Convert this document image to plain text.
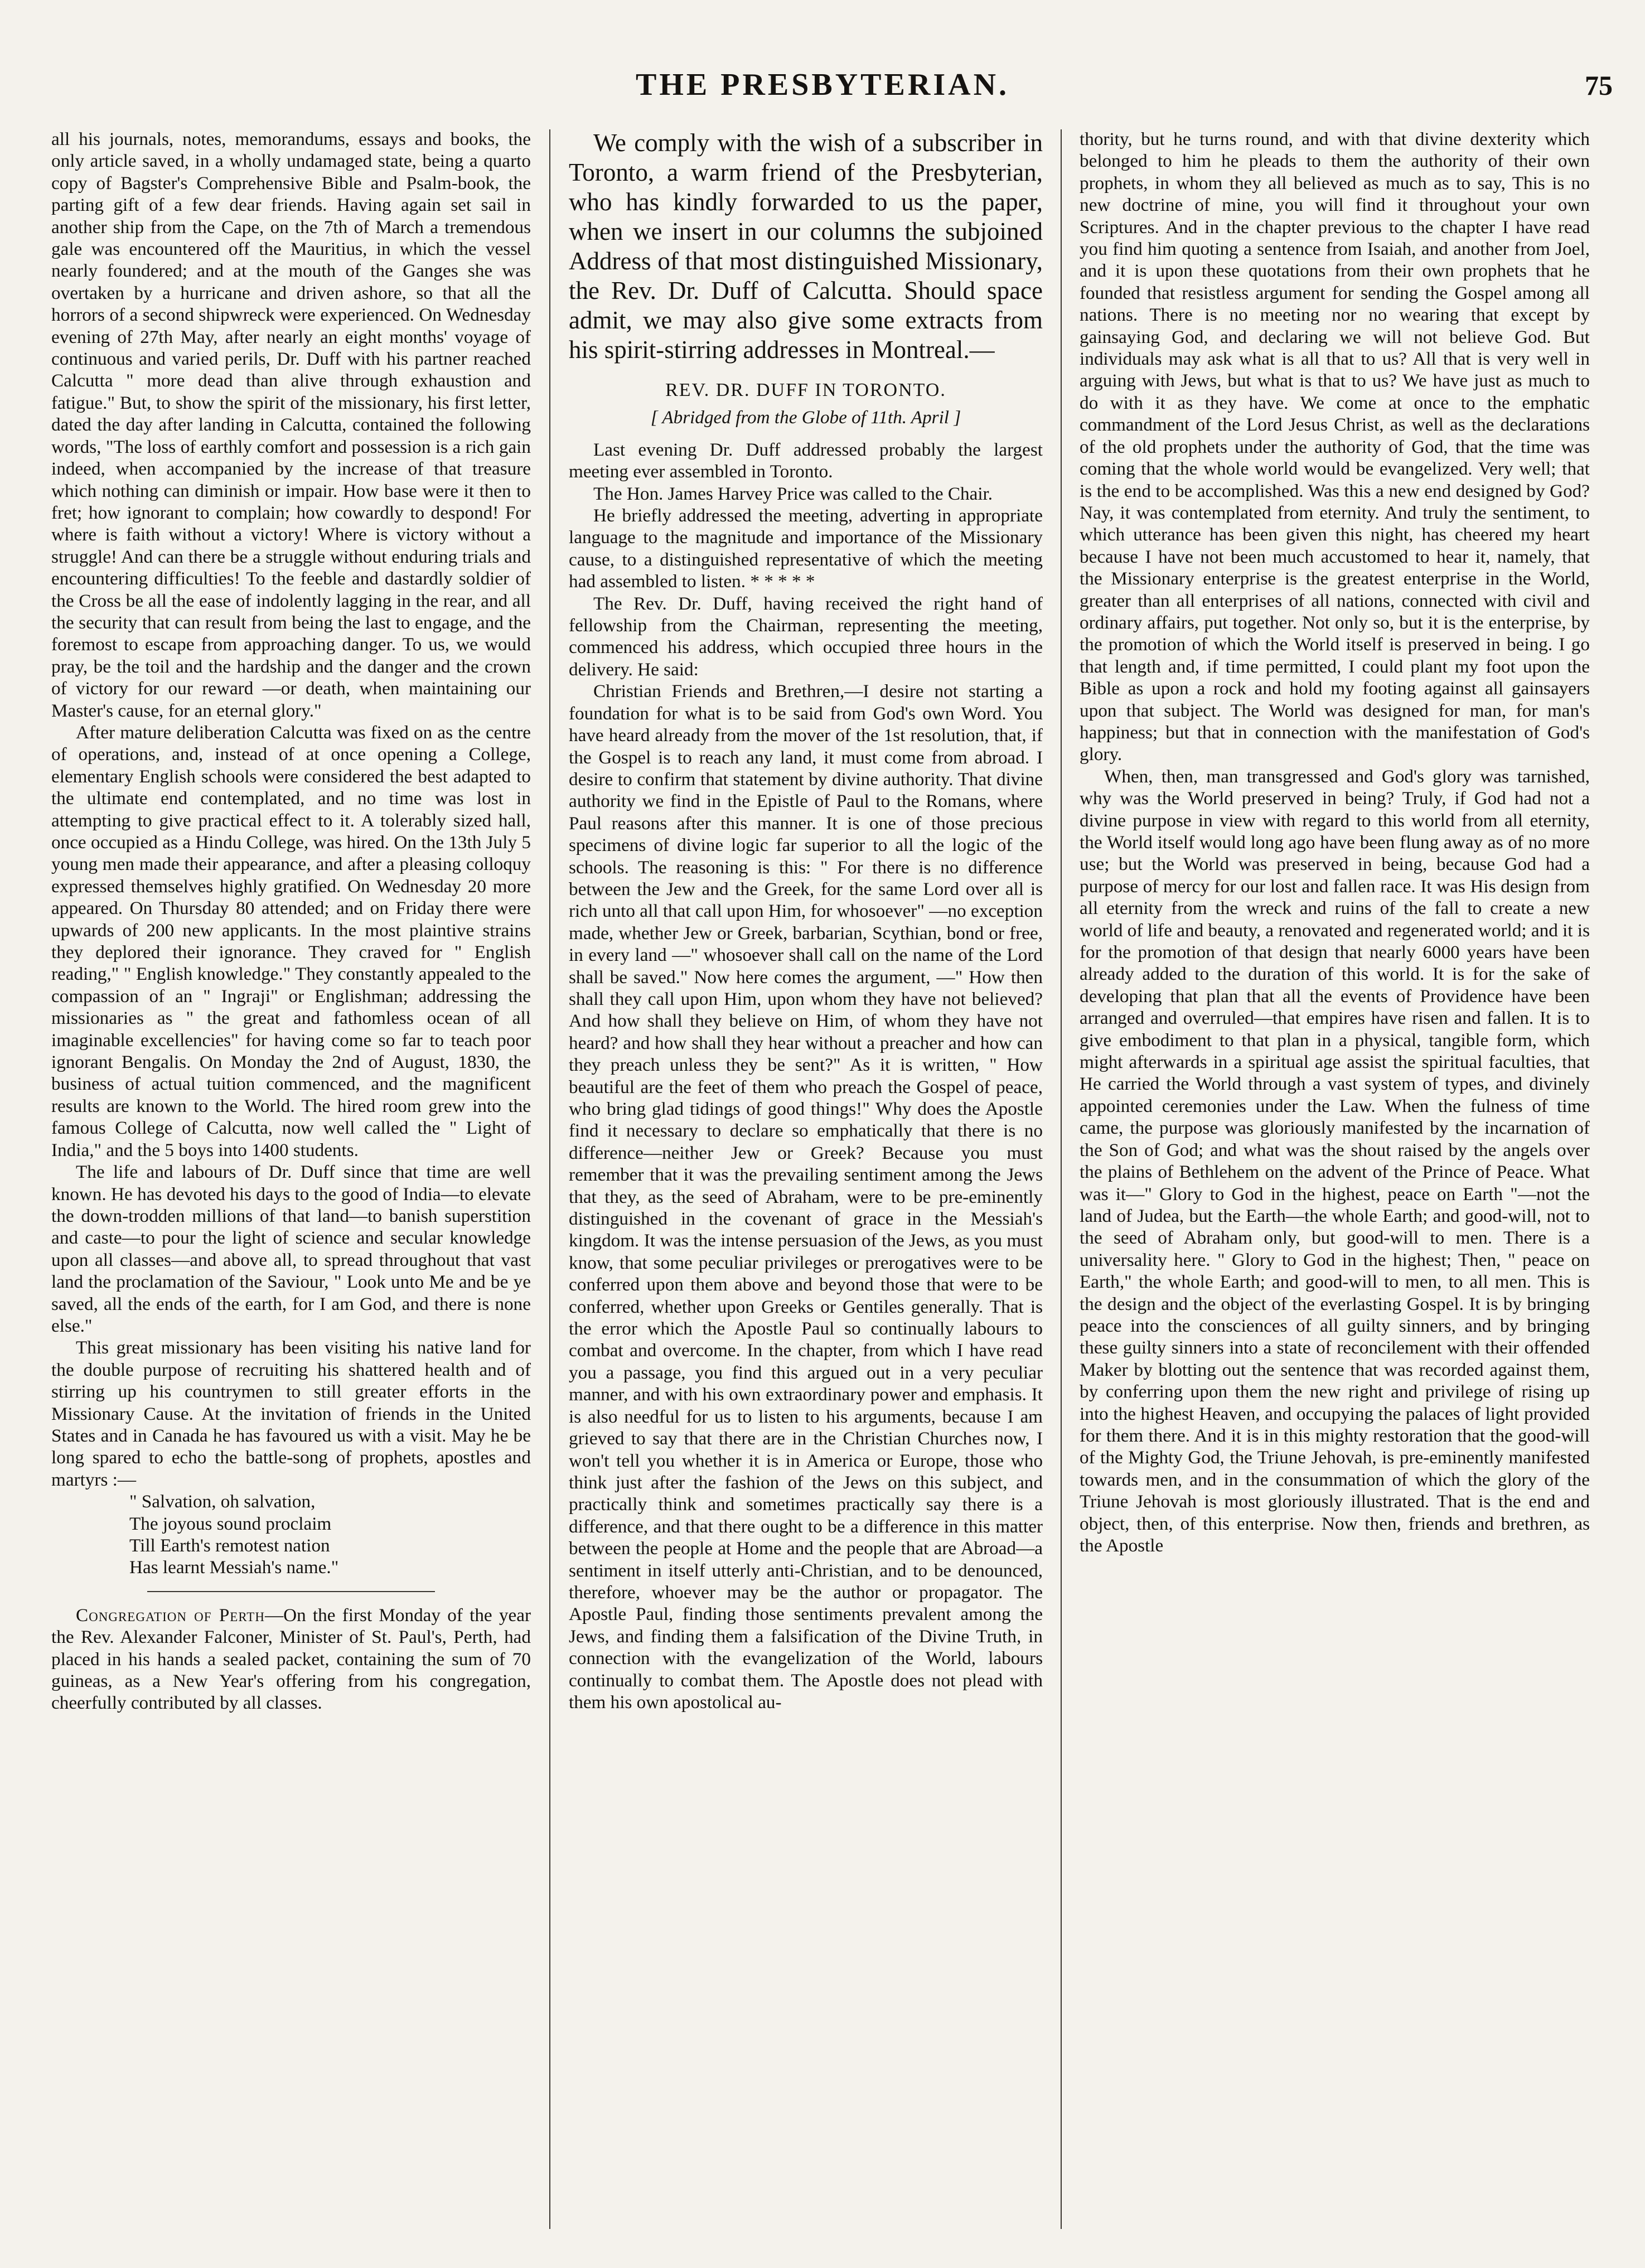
THE PRESBYTERIAN.	75

all his journals, notes, memorandums, essays and books, the only article saved, in a wholly undamaged state, being a quarto copy of Bagster's Comprehensive Bible and Psalm-book, the parting gift of a few dear friends. Having again set sail in another ship from the Cape, on the 7th of March a tremendous gale was encountered off the Mauritius, in which the vessel nearly foundered; and at the mouth of the Ganges she was overtaken by a hurricane and driven ashore, so that all the horrors of a second shipwreck were experienced. On Wednesday evening of 27th May, after nearly an eight months' voyage of continuous and varied perils, Dr. Duff with his partner reached Calcutta " more dead than alive through exhaustion and fatigue." But, to show the spirit of the missionary, his first letter, dated the day after landing in Calcutta, contained the following words, "The loss of earthly comfort and possession is a rich gain indeed, when accompanied by the increase of that treasure which nothing can diminish or impair. How base were it then to fret; how ignorant to complain; how cowardly to despond! For where is faith without a victory! Where is victory without a struggle! And can there be a struggle without enduring trials and encountering difficulties! To the feeble and dastardly soldier of the Cross be all the ease of indolently lagging in the rear, and all the security that can result from being the last to engage, and the foremost to escape from approaching danger. To us, we would pray, be the toil and the hardship and the danger and the crown of victory for our reward —or death, when maintaining our Master's cause, for an eternal glory."

After mature deliberation Calcutta was fixed on as the centre of operations, and, instead of at once opening a College, elementary English schools were considered the best adapted to the ultimate end contemplated, and no time was lost in attempting to give practical effect to it. A tolerably sized hall, once occupied as a Hindu College, was hired. On the 13th July 5 young men made their appearance, and after a pleasing colloquy expressed themselves highly gratified. On Wednesday 20 more appeared. On Thursday 80 attended; and on Friday there were upwards of 200 new applicants. In the most plaintive strains they deplored their ignorance. They craved for " English reading," " English knowledge." They constantly appealed to the compassion of an " Ingraji" or Englishman; addressing the missionaries as " the great and fathomless ocean of all imaginable excellencies" for having come so far to teach poor ignorant Bengalis. On Monday the 2nd of August, 1830, the business of actual tuition commenced, and the magnificent results are known to the World. The hired room grew into the famous College of Calcutta, now well called the " Light of India," and the 5 boys into 1400 students.

The life and labours of Dr. Duff since that time are well known. He has devoted his days to the good of India—to elevate the down-trodden millions of that land—to banish superstition and caste—to pour the light of science and secular knowledge upon all classes—and above all, to spread throughout that vast land the proclamation of the Saviour, " Look unto Me and be ye saved, all the ends of the earth, for I am God, and there is none else."

This great missionary has been visiting his native land for the double purpose of recruiting his shattered health and of stirring up his countrymen to still greater efforts in the Missionary Cause. At the invitation of friends in the United States and in Canada he has favoured us with a visit. May he be long spared to echo the battle-song of prophets, apostles and martyrs :—

" Salvation, oh salvation,

The joyous sound proclaim

Till Earth's remotest nation

Has learnt Messiah's name."

Congregation of Perth—On the first Monday of the year the Rev. Alexander Falconer, Minister of St. Paul's, Perth, had placed in his hands a sealed packet, containing the sum of 70 guineas, as a New Year's offering from his congregation, cheerfully contributed by all classes.

We comply with the wish of a subscriber in Toronto, a warm friend of the Presbyterian, who has kindly forwarded to us the paper, when we insert in our columns the subjoined Address of that most distinguished Missionary, the Rev. Dr. Duff of Calcutta. Should space admit, we may also give some extracts from his spirit-stirring addresses in Montreal.—

REV. DR. DUFF IN TORONTO.

[ Abridged from the Globe of 11th. April ]

Last evening Dr. Duff addressed probably the largest meeting ever assembled in Toronto.

The Hon. James Harvey Price was called to the Chair.

He briefly addressed the meeting, adverting in appropriate language to the magnitude and importance of the Missionary cause, to a distinguished representative of which the meeting had assembled to listen. * * * * *

The Rev. Dr. Duff, having received the right hand of fellowship from the Chairman, representing the meeting, commenced his address, which occupied three hours in the delivery. He said:

Christian Friends and Brethren,—I desire not starting a foundation for what is to be said from God's own Word. You have heard already from the mover of the 1st resolution, that, if the Gospel is to reach any land, it must come from abroad. I desire to confirm that statement by divine authority. That divine authority we find in the Epistle of Paul to the Romans, where Paul reasons after this manner. It is one of those precious specimens of divine logic far superior to all the logic of the schools. The reasoning is this: " For there is no difference between the Jew and the Greek, for the same Lord over all is rich unto all that call upon Him, for whosoever" —no exception made, whether Jew or Greek, barbarian, Scythian, bond or free, in every land —" whosoever shall call on the name of the Lord shall be saved." Now here comes the argument, —" How then shall they call upon Him, upon whom they have not believed? And how shall they believe on Him, of whom they have not heard? and how shall they hear without a preacher and how can they preach unless they be sent?" As it is written, " How beautiful are the feet of them who preach the Gospel of peace, who bring glad tidings of good things!" Why does the Apostle find it necessary to declare so emphatically that there is no difference—neither Jew or Greek? Because you must remember that it was the prevailing sentiment among the Jews that they, as the seed of Abraham, were to be pre-eminently distinguished in the covenant of grace in the Messiah's kingdom. It was the intense persuasion of the Jews, as you must know, that some peculiar privileges or prerogatives were to be conferred upon them above and beyond those that were to be conferred, whether upon Greeks or Gentiles generally. That is the error which the Apostle Paul so continually labours to combat and overcome. In the chapter, from which I have read you a passage, you find this argued out in a very peculiar manner, and with his own extraordinary power and emphasis. It is also needful for us to listen to his arguments, because I am grieved to say that there are in the Christian Churches now, I won't tell you whether it is in America or Europe, those who think just after the fashion of the Jews on this subject, and practically think and sometimes practically say there is a difference, and that there ought to be a difference in this matter between the people at Home and the people that are Abroad—a sentiment in itself utterly anti-Christian, and to be denounced, therefore, whoever may be the author or propagator. The Apostle Paul, finding those sentiments prevalent among the Jews, and finding them a falsification of the Divine Truth, in connection with the evangelization of the World, labours continually to combat them. The Apostle does not plead with them his own apostolical au-

thority, but he turns round, and with that divine dexterity which belonged to him he pleads to them the authority of their own prophets, in whom they all believed as much as to say, This is no new doctrine of mine, you will find it throughout your own Scriptures. And in the chapter previous to the chapter I have read you find him quoting a sentence from Isaiah, and another from Joel, and it is upon these quotations from their own prophets that he founded that resistless argument for sending the Gospel among all nations. There is no meeting nor no wearing that except by gainsaying God, and declaring we will not believe God. But individuals may ask what is all that to us? All that is very well in arguing with Jews, but what is that to us? We have just as much to do with it as they have. We come at once to the emphatic commandment of the Lord Jesus Christ, as well as the declarations of the old prophets under the authority of God, that the time was coming that the whole world would be evangelized. Very well; that is the end to be accomplished. Was this a new end designed by God? Nay, it was contemplated from eternity. And truly the sentiment, to which utterance has been given this night, has cheered my heart because I have not been much accustomed to hear it, namely, that the Missionary enterprise is the greatest enterprise in the World, greater than all enterprises of all nations, connected with civil and ordinary affairs, put together. Not only so, but it is the enterprise, by the promotion of which the World itself is preserved in being. I go that length and, if time permitted, I could plant my foot upon the Bible as upon a rock and hold my footing against all gainsayers upon that subject. The World was designed for man, for man's happiness; but that in connection with the manifestation of God's glory.

When, then, man transgressed and God's glory was tarnished, why was the World preserved in being? Truly, if God had not a divine purpose in view with regard to this world from all eternity, the World itself would long ago have been flung away as of no more use; but the World was preserved in being, because God had a purpose of mercy for our lost and fallen race. It was His design from all eternity from the wreck and ruins of the fall to create a new world of life and beauty, a renovated and regenerated world; and it is for the promotion of that design that nearly 6000 years have been already added to the duration of this world. It is for the sake of developing that plan that all the events of Providence have been arranged and overruled—that empires have risen and fallen. It is to give embodiment to that plan in a physical, tangible form, which might afterwards in a spiritual age assist the spiritual faculties, that He carried the World through a vast system of types, and divinely appointed ceremonies under the Law. When the fulness of time came, the purpose was gloriously manifested by the incarnation of the Son of God; and what was the shout raised by the angels over the plains of Bethlehem on the advent of the Prince of Peace. What was it—" Glory to God in the highest, peace on Earth "—not the land of Judea, but the Earth—the whole Earth; and good-will, not to the seed of Abraham only, but good-will to men. There is a universality here. " Glory to God in the highest; Then, " peace on Earth," the whole Earth; and good-will to men, to all men. This is the design and the object of the everlasting Gospel. It is by bringing peace into the consciences of all guilty sinners, and by bringing these guilty sinners into a state of reconcilement with their offended Maker by blotting out the sentence that was recorded against them, by conferring upon them the new right and privilege of rising up into the highest Heaven, and occupying the palaces of light provided for them there. And it is in this mighty restoration that the good-will of the Mighty God, the Triune Jehovah, is pre-eminently manifested towards men, and in the consummation of which the glory of the Triune Jehovah is most gloriously illustrated. That is the end and object, then, of this enterprise. Now then, friends and brethren, as the Apostle
